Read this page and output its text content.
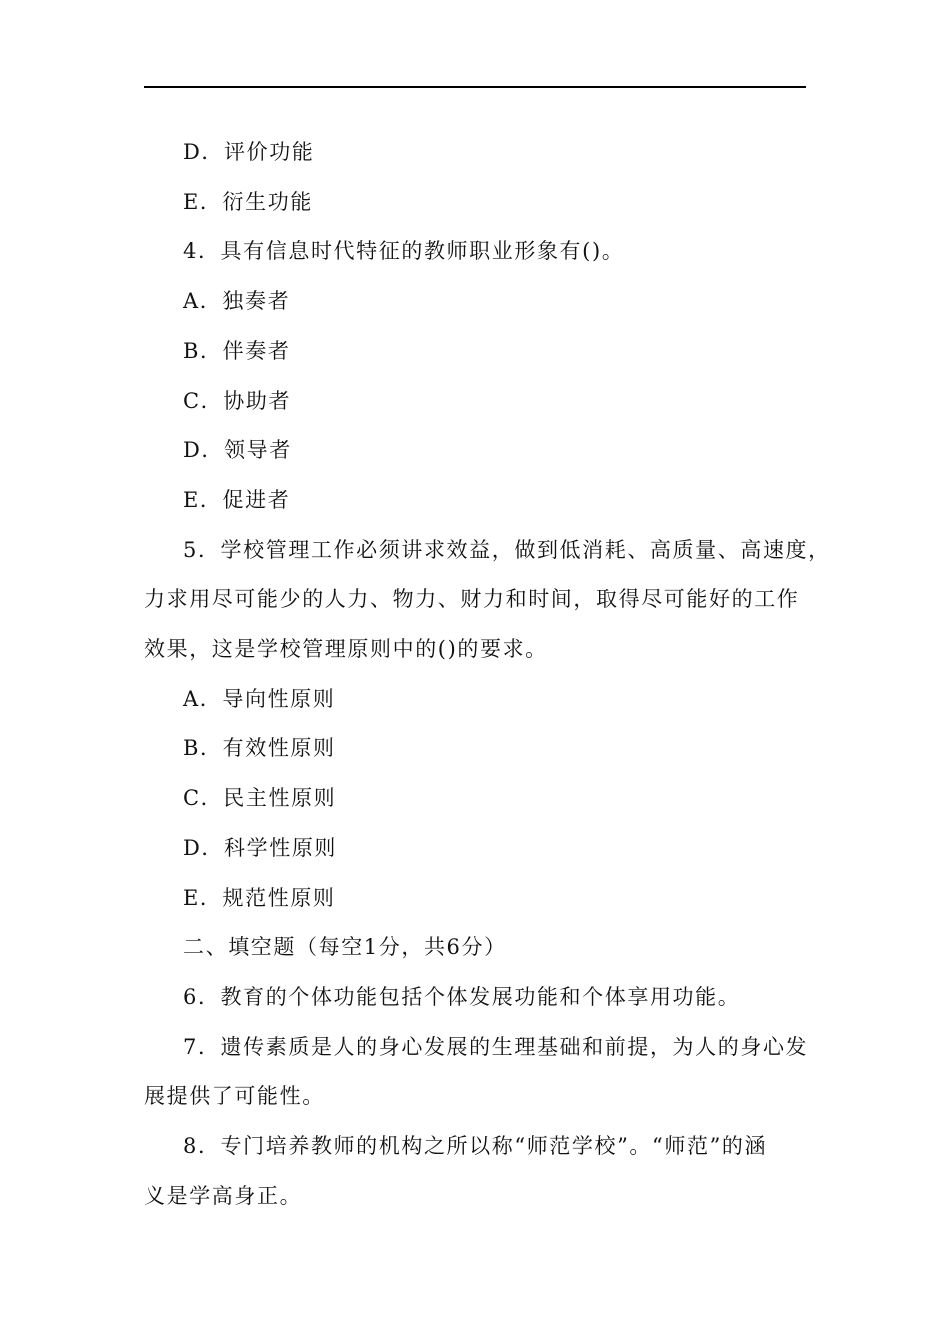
D．评价功能

E．衍生功能

4．具有信息时代特征的教师职业形象有()。

A．独奏者

B．伴奏者

C．协助者

D．领导者

E．促进者

5．学校管理工作必须讲求效益，做到低消耗、高质量、高速度，

力求用尽可能少的人力、物力、财力和时间，取得尽可能好的工作

效果，这是学校管理原则中的()的要求。

A．导向性原则

B．有效性原则

C．民主性原则

D．科学性原则

E．规范性原则

二、填空题（每空1分，共6分）

6．教育的个体功能包括个体发展功能和个体享用功能。

7．遗传素质是人的身心发展的生理基础和前提，为人的身心发

展提供了可能性。

8．专门培养教师的机构之所以称“师范学校”。“师范”的涵

义是学高身正。
